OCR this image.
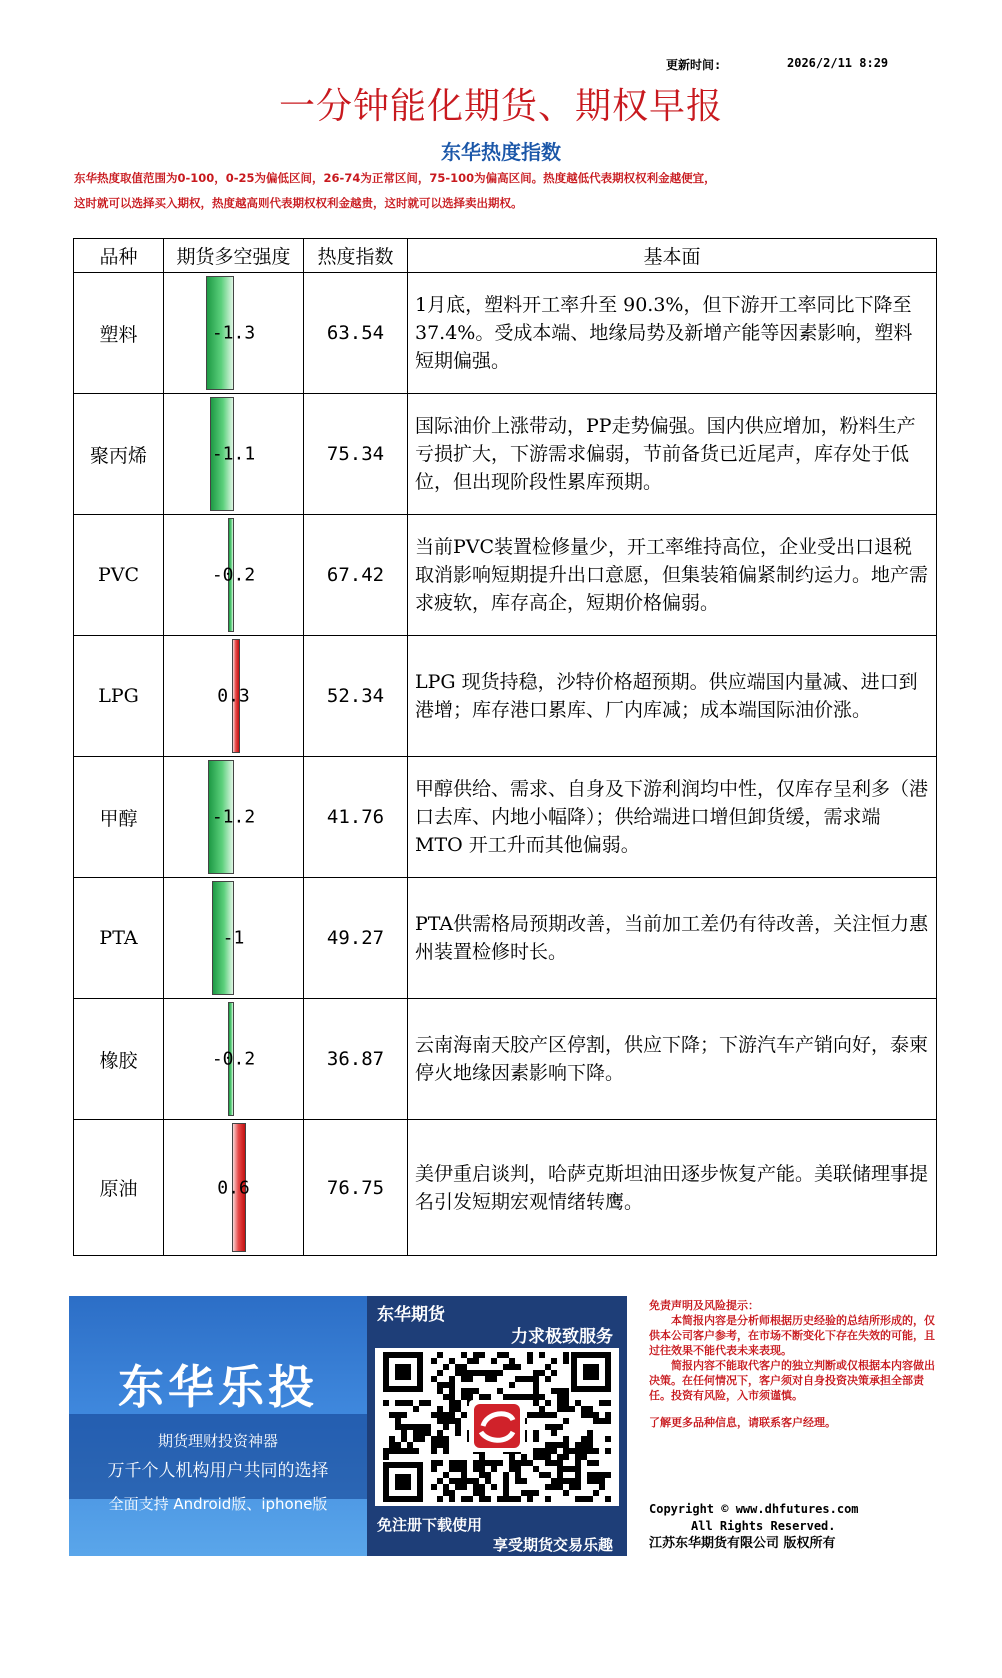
更新时间:	2026/2/11 8:29
一分钟能化期货、期权早报
东华热度指数
东华热度取值范围为0-100，0-25为偏低区间，26-74为正常区间，75-100为偏高区间。热度越低代表期权权利金越便宜，
这时就可以选择买入期权，热度越高则代表期权权利金越贵，这时就可以选择卖出期权。
品种	期货多空强度	热度指数	基本面
塑料	-1.3	63.54	1月底，塑料开工率升至 90.3%，但下游开工率同比下降至 37.4%。受成本端、地缘局势及新增产能等因素影响，塑料短期偏强。
聚丙烯	-1.1	75.34	国际油价上涨带动，PP走势偏强。国内供应增加，粉料生产亏损扩大，下游需求偏弱，节前备货已近尾声，库存处于低位，但出现阶段性累库预期。
PVC	-0.2	67.42	当前PVC装置检修量少，开工率维持高位，企业受出口退税取消影响短期提升出口意愿，但集装箱偏紧制约运力。地产需求疲软，库存高企，短期价格偏弱。
LPG	0.3	52.34	LPG 现货持稳，沙特价格超预期。供应端国内量减、进口到港增；库存港口累库、厂内库减；成本端国际油价涨。
甲醇	-1.2	41.76	甲醇供给、需求、自身及下游利润均中性，仅库存呈利多（港口去库、内地小幅降）；供给端进口增但卸货缓，需求端 MTO 开工升而其他偏弱。
PTA	-1	49.27	PTA供需格局预期改善，当前加工差仍有待改善，关注恒力惠州装置检修时长。
橡胶	-0.2	36.87	云南海南天胶产区停割，供应下降；下游汽车产销向好，泰柬停火地缘因素影响下降。
原油	0.6	76.75	美伊重启谈判，哈萨克斯坦油田逐步恢复产能。美联储理事提名引发短期宏观情绪转鹰。
东华乐投
期货理财投资神器
万千个人机构用户共同的选择
全面支持 Android版、iphone版
东华期货
力求极致服务
免注册下载使用
享受期货交易乐趣

免责声明及风险提示：

本简报内容是分析师根据历史经验的总结所形成的，仅供本公司客户参考，在市场不断变化下存在失效的可能，且过往效果不能代表未来表现。

简报内容不能取代客户的独立判断或仅根据本内容做出决策。在任何情况下，客户须对自身投资决策承担全部责任。投资有风险，入市须谨慎。

了解更多品种信息，请联系客户经理。

Copyright © www.dhfutures.com
All Rights Reserved.
江苏东华期货有限公司 版权所有
